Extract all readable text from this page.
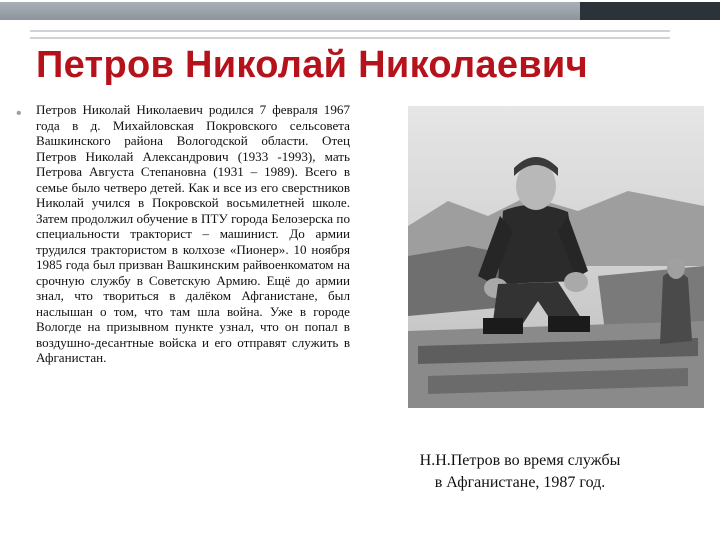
Петров Николай Николаевич
• Петров Николай Николаевич родился 7 февраля 1967 года в д. Михайловская Покровского сельсовета Вашкинского района Вологодской области. Отец Петров Николай Александрович (1933 -1993), мать Петрова Августа Степановна (1931 – 1989). Всего в семье было четверо детей. Как и все из его сверстников Николай учился в Покровской восьмилетней школе. Затем продолжил обучение в ПТУ города Белозерска по специальности тракторист – машинист. До армии трудился трактористом в колхозе «Пионер». 10 ноября 1985 года был призван Вашкинским райвоенкоматом на срочную службу в Советскую Армию. Ещё до армии знал, что твориться в далёком Афганистане, был наслышан о том, что там шла война. Уже в городе Вологде на призывном пункте узнал, что он попал в воздушно-десантные войска и его отправят служить в Афганистан.

Н.Н.Петров во время службы
в Афганистане, 1987 год.
